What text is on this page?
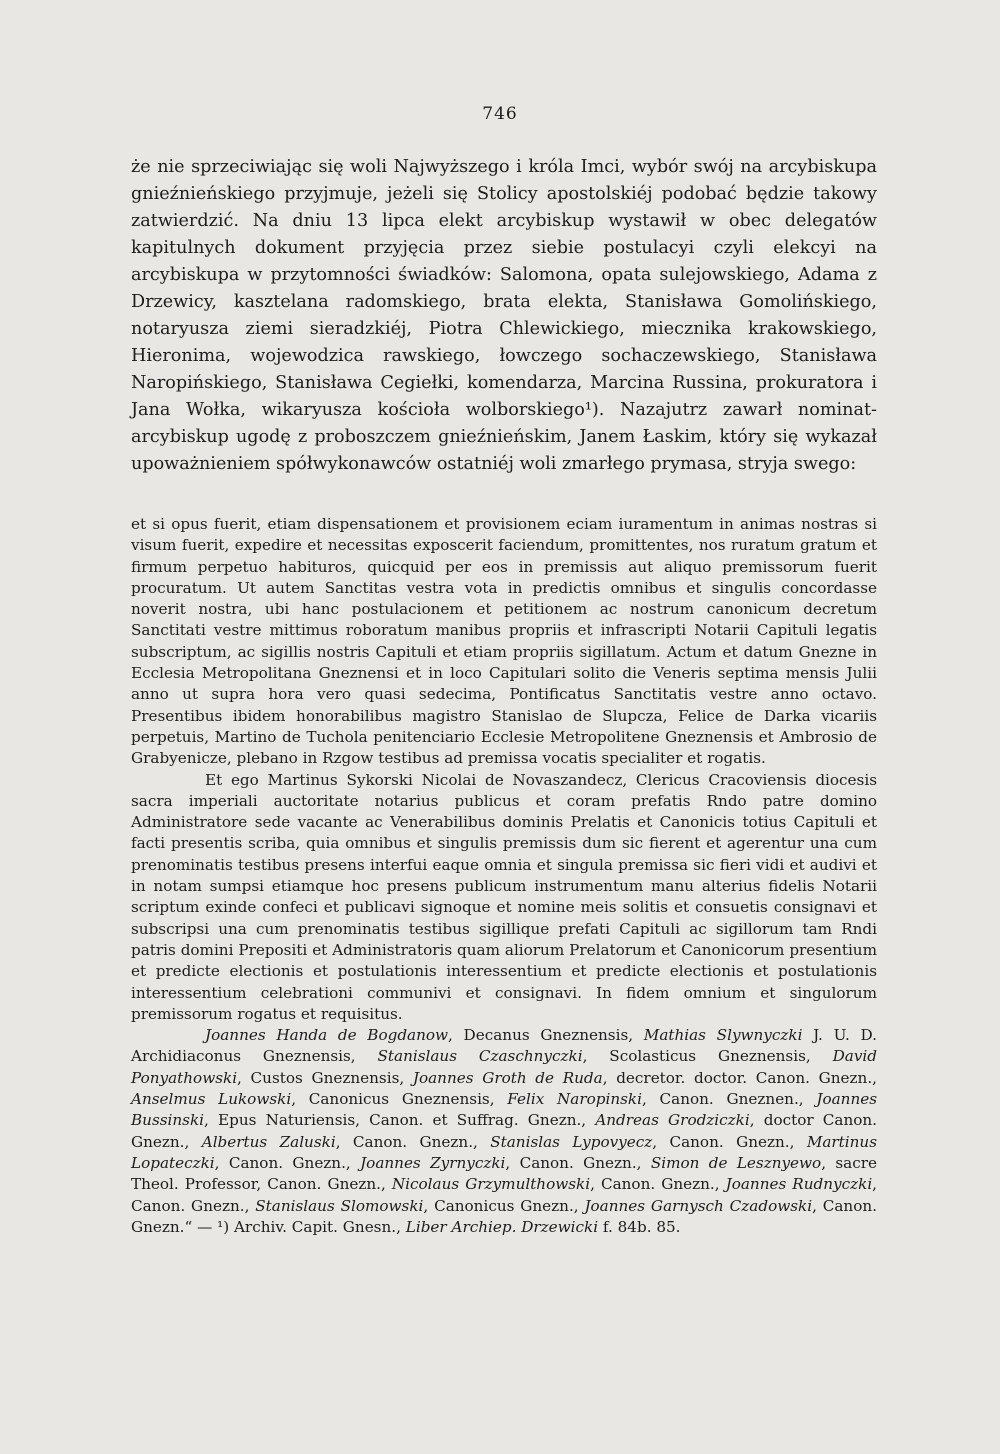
746

że nie sprzeciwiając się woli Najwyższego i króla Imci, wybór swój na arcybiskupa gnieźnieńskiego przyjmuje, jeżeli się Stolicy apostolskiéj podobać będzie takowy zatwierdzić. Na dniu 13 lipca elekt arcybiskup wystawił w obec delegatów kapitulnych dokument przyjęcia przez siebie postulacyi czyli elekcyi na arcybiskupa w przytomności świadków: Salomona, opata sulejowskiego, Adama z Drzewicy, kasztelana radomskiego, brata elekta, Stanisława Gomolińskiego, notaryusza ziemi sieradzkiéj, Piotra Chlewickiego, miecznika krakowskiego, Hieronima, wojewodzica rawskiego, łowczego sochaczewskiego, Stanisława Naropińskiego, Stanisława Cegiełki, komendarza, Marcina Russina, prokuratora i Jana Wołka, wikaryusza kościoła wolborskiego¹). Nazajutrz zawarł nominat-arcybiskup ugodę z proboszczem gnieźnieńskim, Janem Łaskim, który się wykazał upoważnieniem spółwykonawców ostatniéj woli zmarłego prymasa, stryja swego:

et si opus fuerit, etiam dispensationem et provisionem eciam iuramentum in animas nostras si visum fuerit, expedire et necessitas exposcerit faciendum, promittentes, nos ruratum gratum et firmum perpetuo habituros, quicquid per eos in premissis aut aliquo premissorum fuerit procuratum. Ut autem Sanctitas vestra vota in predictis omnibus et singulis concordasse noverit nostra, ubi hanc postulacionem et petitionem ac nostrum canonicum decretum Sanctitati vestre mittimus roboratum manibus propriis et infrascripti Notarii Capituli legatis subscriptum, ac sigillis nostris Capituli et etiam propriis sigillatum. Actum et datum Gnezne in Ecclesia Metropolitana Gneznensi et in loco Capitulari solito die Veneris septima mensis Julii anno ut supra hora vero quasi sedecima, Pontificatus Sanctitatis vestre anno octavo. Presentibus ibidem honorabilibus magistro Stanislao de Slupcza, Felice de Darka vicariis perpetuis, Martino de Tuchola penitenciario Ecclesie Metropolitene Gneznensis et Ambrosio de Grabyenicze, plebano in Rzgow testibus ad premissa vocatis specialiter et rogatis.

Et ego Martinus Sykorski Nicolai de Novaszandecz, Clericus Cracoviensis diocesis sacra imperiali auctoritate notarius publicus et coram prefatis Rndo patre domino Administratore sede vacante ac Venerabilibus dominis Prelatis et Canonicis totius Capituli et facti presentis scriba, quia omnibus et singulis premissis dum sic fierent et agerentur una cum prenominatis testibus presens interfui eaque omnia et singula premissa sic fieri vidi et audivi et in notam sumpsi etiamque hoc presens publicum instrumentum manu alterius fidelis Notarii scriptum exinde confeci et publicavi signoque et nomine meis solitis et consuetis consignavi et subscripsi una cum prenominatis testibus sigillique prefati Capituli ac sigillorum tam Rndi patris domini Prepositi et Administratoris quam aliorum Prelatorum et Canonicorum presentium et predicte electionis et postulationis interessentium et predicte electionis et postulationis interessentium celebrationi communivi et consignavi. In fidem omnium et singulorum premissorum rogatus et requisitus.

Joannes Handa de Bogdanow, Decanus Gneznensis, Mathias Slywnyczki J. U. D. Archidiaconus Gneznensis, Stanislaus Czaschnyczki, Scolasticus Gneznensis, David Ponyathowski, Custos Gneznensis, Joannes Groth de Ruda, decretor. doctor. Canon. Gnezn., Anselmus Lukowski, Canonicus Gneznensis, Felix Naropinski, Canon. Gneznen., Joannes Bussinski, Epus Naturiensis, Canon. et Suffrag. Gnezn., Andreas Grodziczki, doctor Canon. Gnezn., Albertus Zaluski, Canon. Gnezn., Stanislas Lypovyecz, Canon. Gnezn., Martinus Lopateczki, Canon. Gnezn., Joannes Zyrnyczki, Canon. Gnezn., Simon de Lesznyewo, sacre Theol. Professor, Canon. Gnezn., Nicolaus Grzymulthowski, Canon. Gnezn., Joannes Rudnyczki, Canon. Gnezn., Stanislaus Slomowski, Canonicus Gnezn., Joannes Garnysch Czadowski, Canon. Gnezn.“ — ¹) Archiv. Capit. Gnesn., Liber Archiep. Drzewicki f. 84b. 85.
